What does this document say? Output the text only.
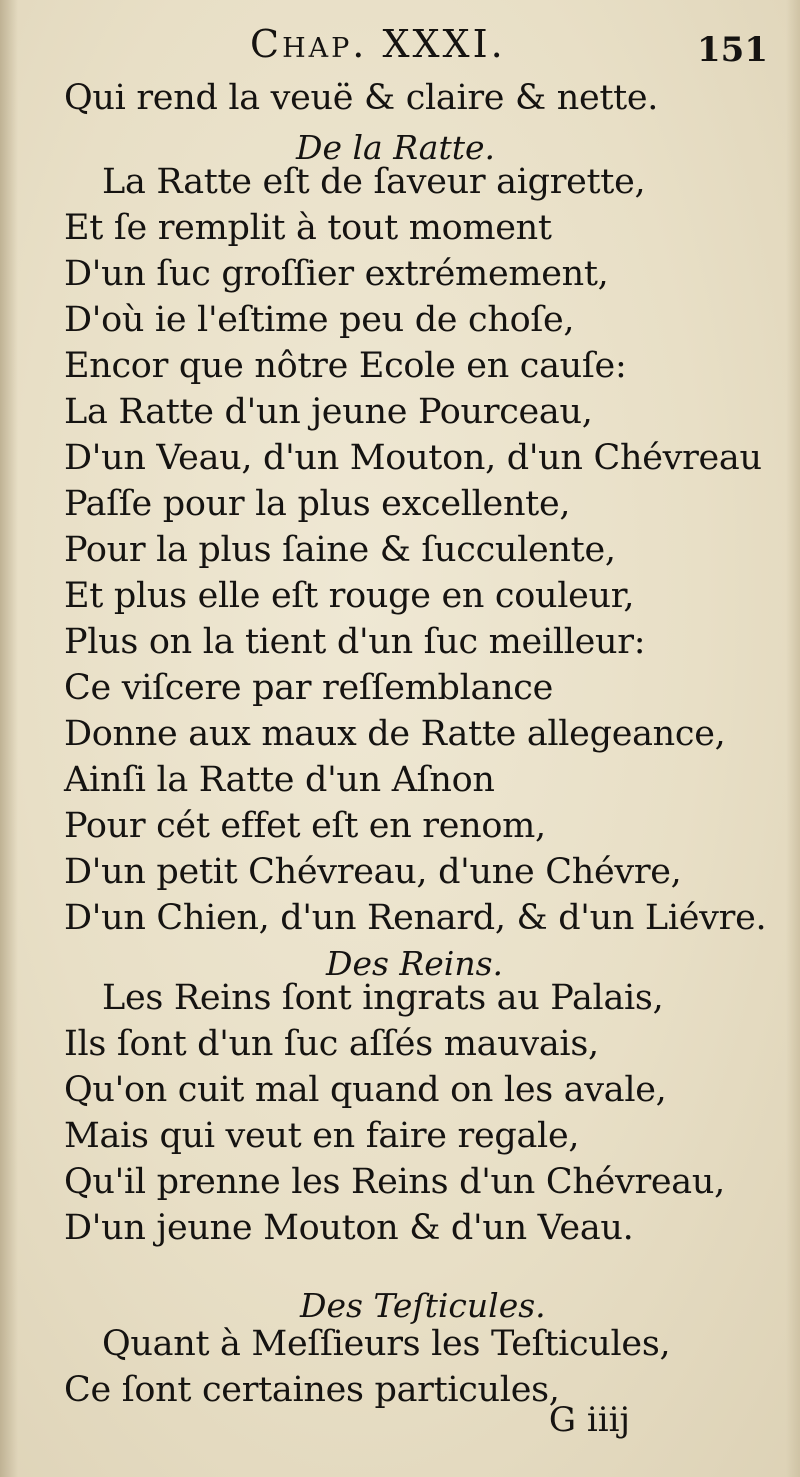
Chap. XXXI.	151
Qui rend la veuë & claire & nette.
De la Ratte.
La Ratte eſt de ſaveur aigrette,
Et ſe remplit à tout moment
D'un ſuc groſſier extrémement,
D'où ie l'eſtime peu de choſe,
Encor que nôtre Ecole en cauſe:
La Ratte d'un jeune Pourceau,
D'un Veau, d'un Mouton, d'un Chévreau
Paſſe pour la plus excellente,
Pour la plus ſaine & ſucculente,
Et plus elle eſt rouge en couleur,
Plus on la tient d'un ſuc meilleur:
Ce viſcere par reſſemblance
Donne aux maux de Ratte allegeance,
Ainſi la Ratte d'un Aſnon
Pour cét effet eſt en renom,
D'un petit Chévreau, d'une Chévre,
D'un Chien, d'un Renard, & d'un Liévre.
Des Reins.
Les Reins ſont ingrats au Palais,
Ils ſont d'un ſuc aſſés mauvais,
Qu'on cuit mal quand on les avale,
Mais qui veut en faire regale,
Qu'il prenne les Reins d'un Chévreau,
D'un jeune Mouton & d'un Veau.
Des Teſticules.
Quant à Meſſieurs les Teſticules,
Ce ſont certaines particules,
G iiij
